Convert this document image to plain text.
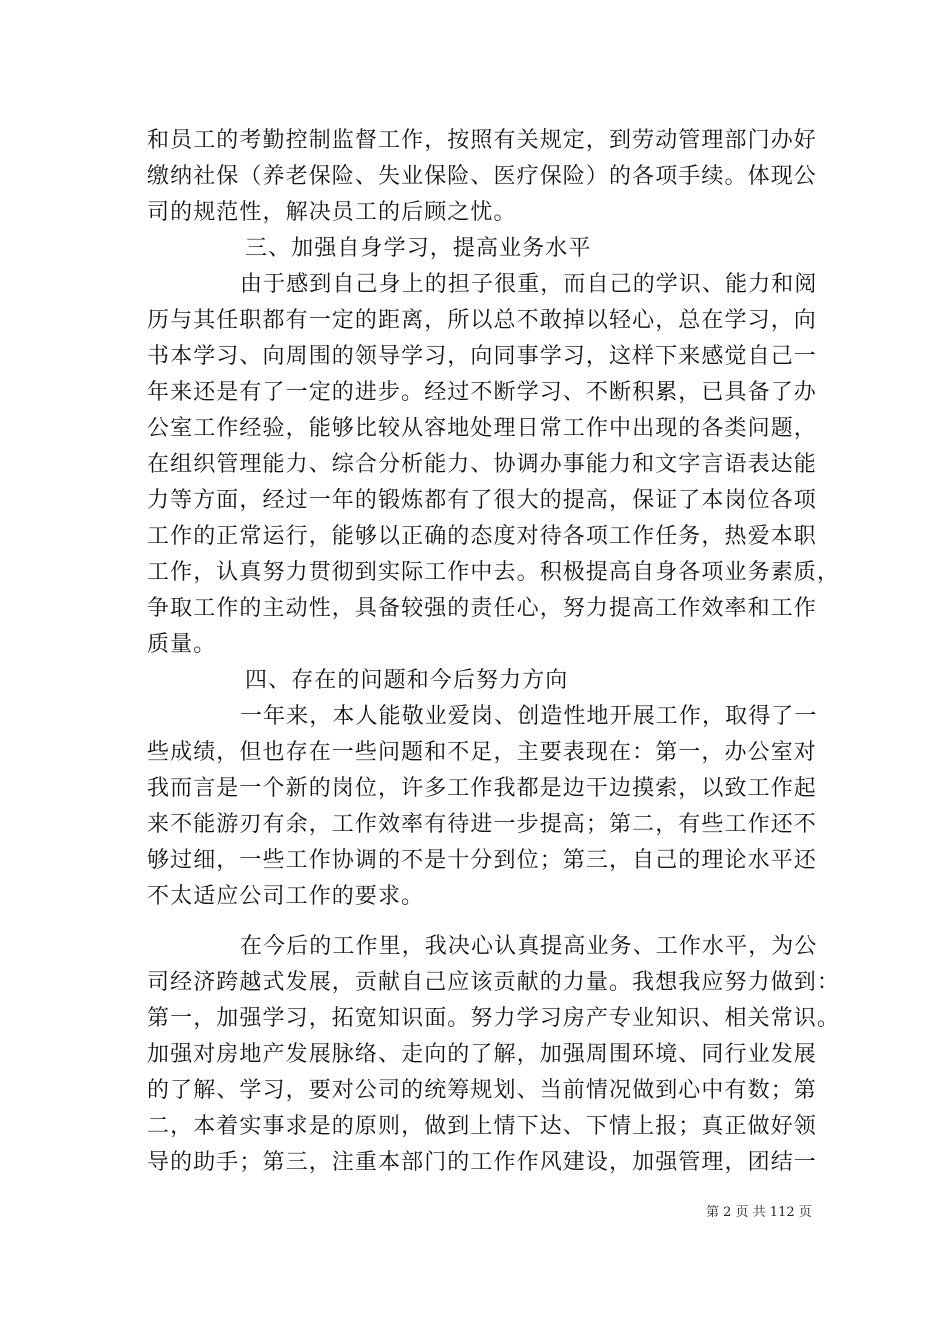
和员工的考勤控制监督工作，按照有关规定，到劳动管理部门办好
缴纳社保（养老保险、失业保险、医疗保险）的各项手续。体现公
司的规范性，解决员工的后顾之忧。
三、加强自身学习，提高业务水平
由于感到自己身上的担子很重，而自己的学识、能力和阅
历与其任职都有一定的距离，所以总不敢掉以轻心，总在学习，向
书本学习、向周围的领导学习，向同事学习，这样下来感觉自己一
年来还是有了一定的进步。经过不断学习、不断积累，已具备了办
公室工作经验，能够比较从容地处理日常工作中出现的各类问题，
在组织管理能力、综合分析能力、协调办事能力和文字言语表达能
力等方面，经过一年的锻炼都有了很大的提高，保证了本岗位各项
工作的正常运行，能够以正确的态度对待各项工作任务，热爱本职
工作，认真努力贯彻到实际工作中去。积极提高自身各项业务素质，
争取工作的主动性，具备较强的责任心，努力提高工作效率和工作
质量。
四、存在的问题和今后努力方向
一年来，本人能敬业爱岗、创造性地开展工作，取得了一
些成绩，但也存在一些问题和不足，主要表现在：第一，办公室对
我而言是一个新的岗位，许多工作我都是边干边摸索，以致工作起
来不能游刃有余，工作效率有待进一步提高；第二，有些工作还不
够过细，一些工作协调的不是十分到位；第三，自己的理论水平还
不太适应公司工作的要求。
在今后的工作里，我决心认真提高业务、工作水平，为公
司经济跨越式发展，贡献自己应该贡献的力量。我想我应努力做到：
第一，加强学习，拓宽知识面。努力学习房产专业知识、相关常识。
加强对房地产发展脉络、走向的了解，加强周围环境、同行业发展
的了解、学习，要对公司的统筹规划、当前情况做到心中有数；第
二，本着实事求是的原则，做到上情下达、下情上报；真正做好领
导的助手；第三，注重本部门的工作作风建设，加强管理，团结一
第 2 页 共 112 页
